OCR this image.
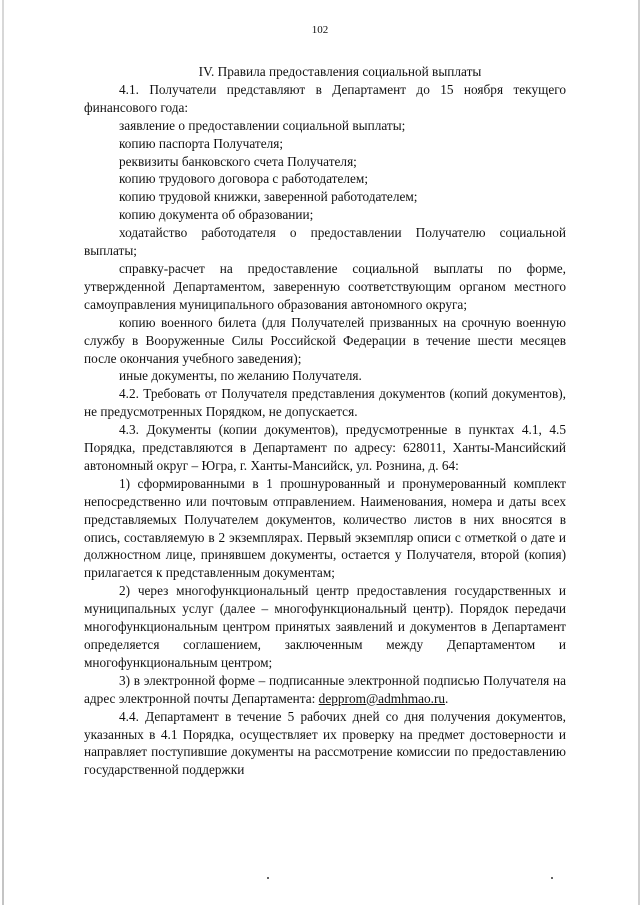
102

IV. Правила предоставления социальной выплаты

4.1. Получатели представляют в Департамент до 15 ноября текущего финансового года:

заявление о предоставлении социальной выплаты;

копию паспорта Получателя;

реквизиты банковского счета Получателя;

копию трудового договора с работодателем;

копию трудовой книжки, заверенной работодателем;

копию документа об образовании;

ходатайство работодателя о предоставлении Получателю социальной выплаты;

справку-расчет на предоставление социальной выплаты по форме, утвержденной Департаментом, заверенную соответствующим органом местного самоуправления муниципального образования автономного округа;

копию военного билета (для Получателей призванных на срочную военную службу в Вооруженные Силы Российской Федерации в течение шести месяцев после окончания учебного заведения);

иные документы, по желанию Получателя.

4.2. Требовать от Получателя представления документов (копий документов), не предусмотренных Порядком, не допускается.

4.3. Документы (копии документов), предусмотренные в пунктах 4.1, 4.5 Порядка, представляются в Департамент по адресу: 628011, Ханты-Мансийский автономный округ – Югра, г. Ханты-Мансийск, ул. Рознина, д. 64:

1) сформированными в 1 прошнурованный и пронумерованный комплект непосредственно или почтовым отправлением. Наименования, номера и даты всех представляемых Получателем документов, количество листов в них вносятся в опись, составляемую в 2 экземплярах. Первый экземпляр описи с отметкой о дате и должностном лице, принявшем документы, остается у Получателя, второй (копия) прилагается к представленным документам;

2) через многофункциональный центр предоставления государственных и муниципальных услуг (далее – многофункциональный центр). Порядок передачи многофункциональным центром принятых заявлений и документов в Департамент определяется соглашением, заключенным между Департаментом и многофункциональным центром;

3) в электронной форме – подписанные электронной подписью Получателя на адрес электронной почты Департамента: depprom@admhmao.ru.

4.4. Департамент в течение 5 рабочих дней со дня получения документов, указанных в 4.1 Порядка, осуществляет их проверку на предмет достоверности и направляет поступившие документы на рассмотрение комиссии по предоставлению государственной поддержки
